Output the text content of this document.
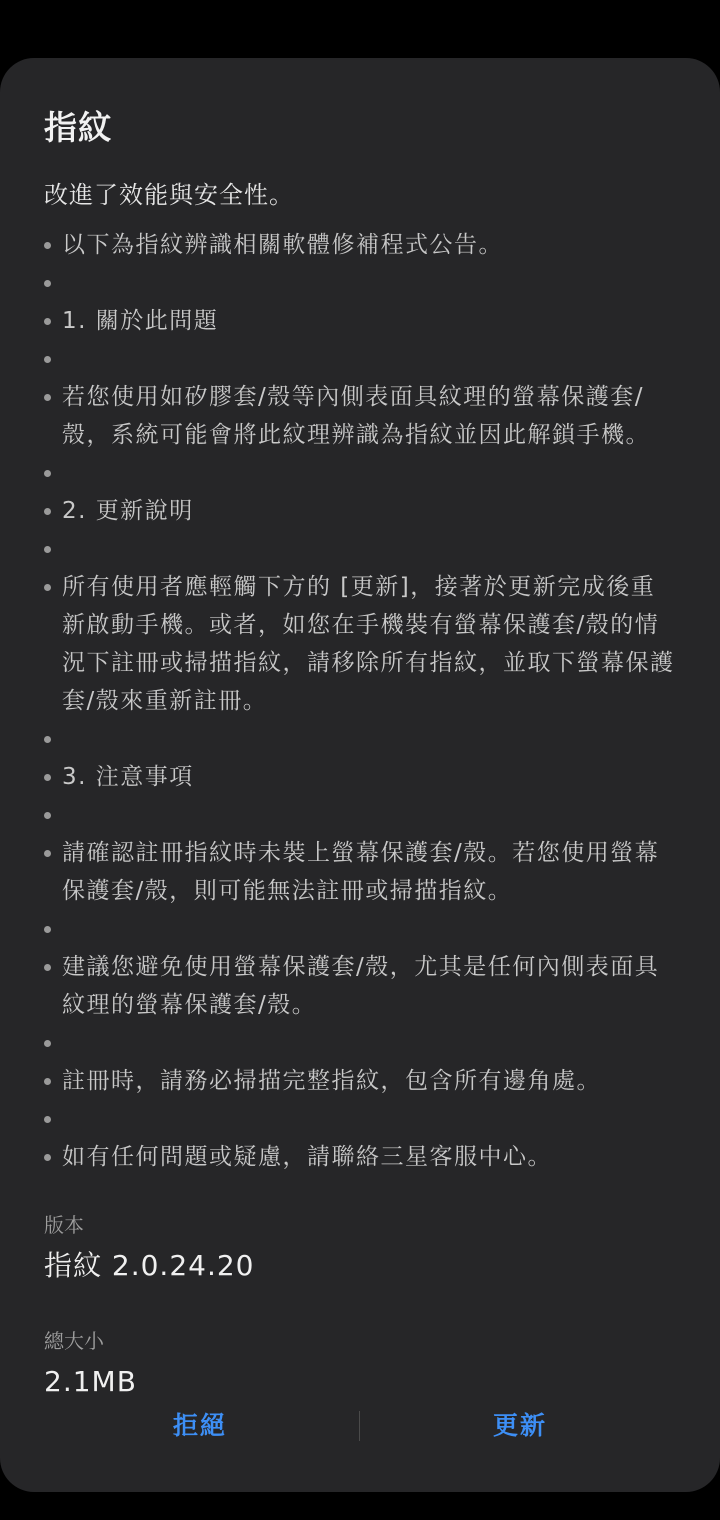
指紋
改進了效能與安全性。
以下為指紋辨識相關軟體修補程式公告。
1. 關於此問題
若您使用如矽膠套/殼等內側表面具紋理的螢幕保護套/殼，系統可能會將此紋理辨識為指紋並因此解鎖手機。
2. 更新說明
所有使用者應輕觸下方的 [更新]，接著於更新完成後重新啟動手機。或者，如您在手機裝有螢幕保護套/殼的情況下註冊或掃描指紋，請移除所有指紋，並取下螢幕保護套/殼來重新註冊。
3. 注意事項
請確認註冊指紋時未裝上螢幕保護套/殼。若您使用螢幕保護套/殼，則可能無法註冊或掃描指紋。
建議您避免使用螢幕保護套/殼，尤其是任何內側表面具紋理的螢幕保護套/殼。
註冊時，請務必掃描完整指紋，包含所有邊角處。
如有任何問題或疑慮，請聯絡三星客服中心。
版本
指紋 2.0.24.20
總大小
2.1MB
拒絕	更新
